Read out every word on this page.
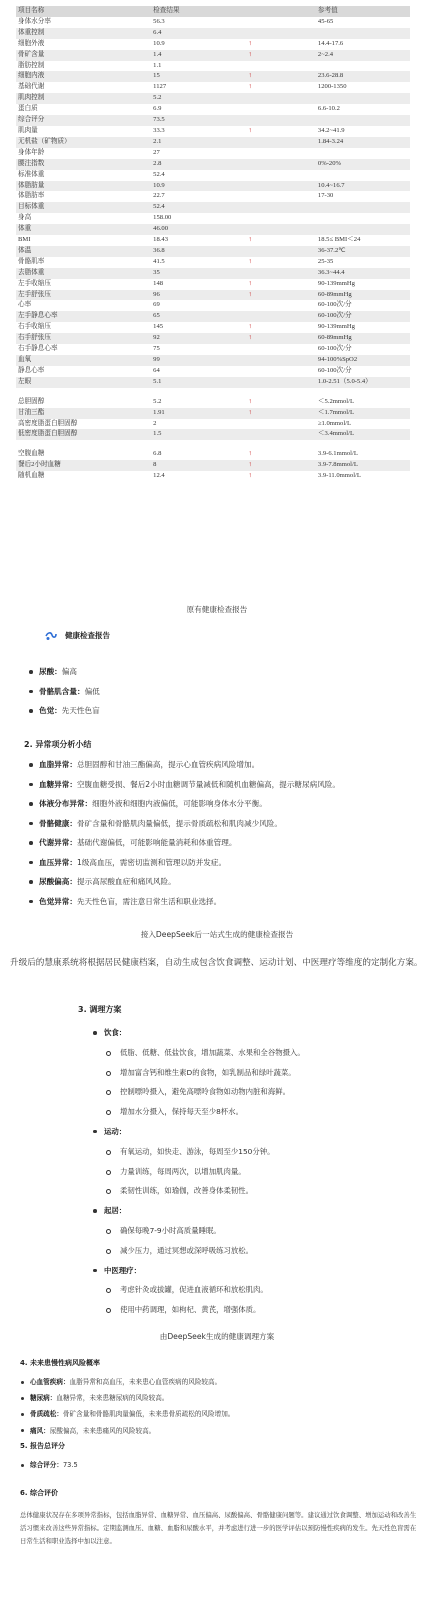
项目名称	检查结果		参考值
身体水分率	56.3		45-65
体重控制	6.4		
细胞外液	10.9	↑	14.4-17.6
骨矿含量	1.4	↑	2~2.4
脂肪控制	1.1		
细胞内液	15	↑	23.6-28.8
基础代谢	1127	↑	1200-1350
肌肉控制	5.2		
蛋白质	6.9		6.6-10.2
综合评分	73.5		
肌肉量	33.3	↑	34.2~41.9
无机盐（矿物质）	2.1		1.84-3.24
身体年龄	27		
腰注指数	2.8		0%-20%
标准体重	52.4		
体脂肪量	10.9		10.4~16.7
体脂肪率	22.7		17-30
目标体重	52.4		
身高	158.00		
体重	46.00		
BMI	18.43	↑	18.5≤ BMI＜24
体温	36.8		36-37.2℃
骨骼肌率	41.5	↑	25-35
去脂体重	35		36.3~44.4
左手收缩压	148	↑	90-139mmHg
左手舒张压	96	↑	60-89mmHg
心率	69		60-100次/分
左手静息心率	65		60-100次/分
右手收缩压	145	↑	90-139mmHg
右手舒张压	92	↑	60-89mmHg
右手静息心率	75		60-100次/分
血氧	99		94-100%SpO2
静息心率	64		60-100次/分
左眼	5.1		1.0-2.51（5.0-5.4）

总胆固醇	5.2	↑	＜5.2mmol/L
甘油三酯	1.91	↑	＜1.7mmol/L
高密度脂蛋白胆固醇	2		≥1.0mmol/L
低密度脂蛋白胆固醇	1.5		＜3.4mmol/L

空腹血糖	6.8	↑	3.9-6.1mmol/L
餐后2小时血糖	8	↑	3.9-7.8mmol/L
随机血糖	12.4	↑	3.9-11.0mmol/L
原有健康检查报告
健康检查报告
尿酸：偏高
骨骼肌含量：偏低
色觉：先天性色盲
2. 异常项分析小结
血脂异常：总胆固醇和甘油三酯偏高，提示心血管疾病风险增加。
血糖异常：空腹血糖受损、餐后2小时血糖调节量减低和随机血糖偏高，提示糖尿病风险。
体液分布异常：细胞外液和细胞内液偏低，可能影响身体水分平衡。
骨骼健康：骨矿含量和骨骼肌肉量偏低，提示骨质疏松和肌肉减少风险。
代谢异常：基础代谢偏低，可能影响能量消耗和体重管理。
血压异常：1级高血压，需密切监测和管理以防并发症。
尿酸偏高：提示高尿酸血症和痛风风险。
色觉异常：先天性色盲，需注意日常生活和职业选择。
接入DeepSeek后一站式生成的健康检查报告
升级后的慧康系统将根据居民健康档案，自动生成包含饮食调整、运动计划、中医理疗等维度的定制化方案。
3. 调理方案
饮食：
低脂、低糖、低盐饮食，增加蔬菜、水果和全谷物摄入。
增加富含钙和维生素D的食物，如乳制品和绿叶蔬菜。
控制嘌呤摄入，避免高嘌呤食物如动物内脏和海鲜。
增加水分摄入，保持每天至少8杯水。
运动：
有氧运动，如快走、游泳，每周至少150分钟。
力量训练，每周两次，以增加肌肉量。
柔韧性训练，如瑜伽，改善身体柔韧性。
起居：
确保每晚7-9小时高质量睡眠。
减少压力，通过冥想或深呼吸练习放松。
中医理疗：
考虑针灸或拔罐，促进血液循环和放松肌肉。
使用中药调理，如枸杞、黄芪，增强体质。
由DeepSeek生成的健康调理方案
4. 未来患慢性病风险概率
心血管疾病：血脂异常和高血压，未来患心血管疾病的风险较高。
糖尿病：血糖异常，未来患糖尿病的风险较高。
骨质疏松：骨矿含量和骨骼肌肉量偏低，未来患骨质疏松的风险增加。
痛风：尿酸偏高，未来患痛风的风险较高。
5. 报告总评分
综合评分：73.5
6. 综合评价
总体健康状况存在多项异常指标，包括血脂异常、血糖异常、血压偏高、尿酸偏高、骨骼健康问题等。建议通过饮食调整、增加运动和改善生活习惯来改善这些异常指标。定期监测血压、血糖、血脂和尿酸水平，并考虑进行进一步的医学评估以预防慢性疾病的发生。先天性色盲需在日常生活和职业选择中加以注意。
